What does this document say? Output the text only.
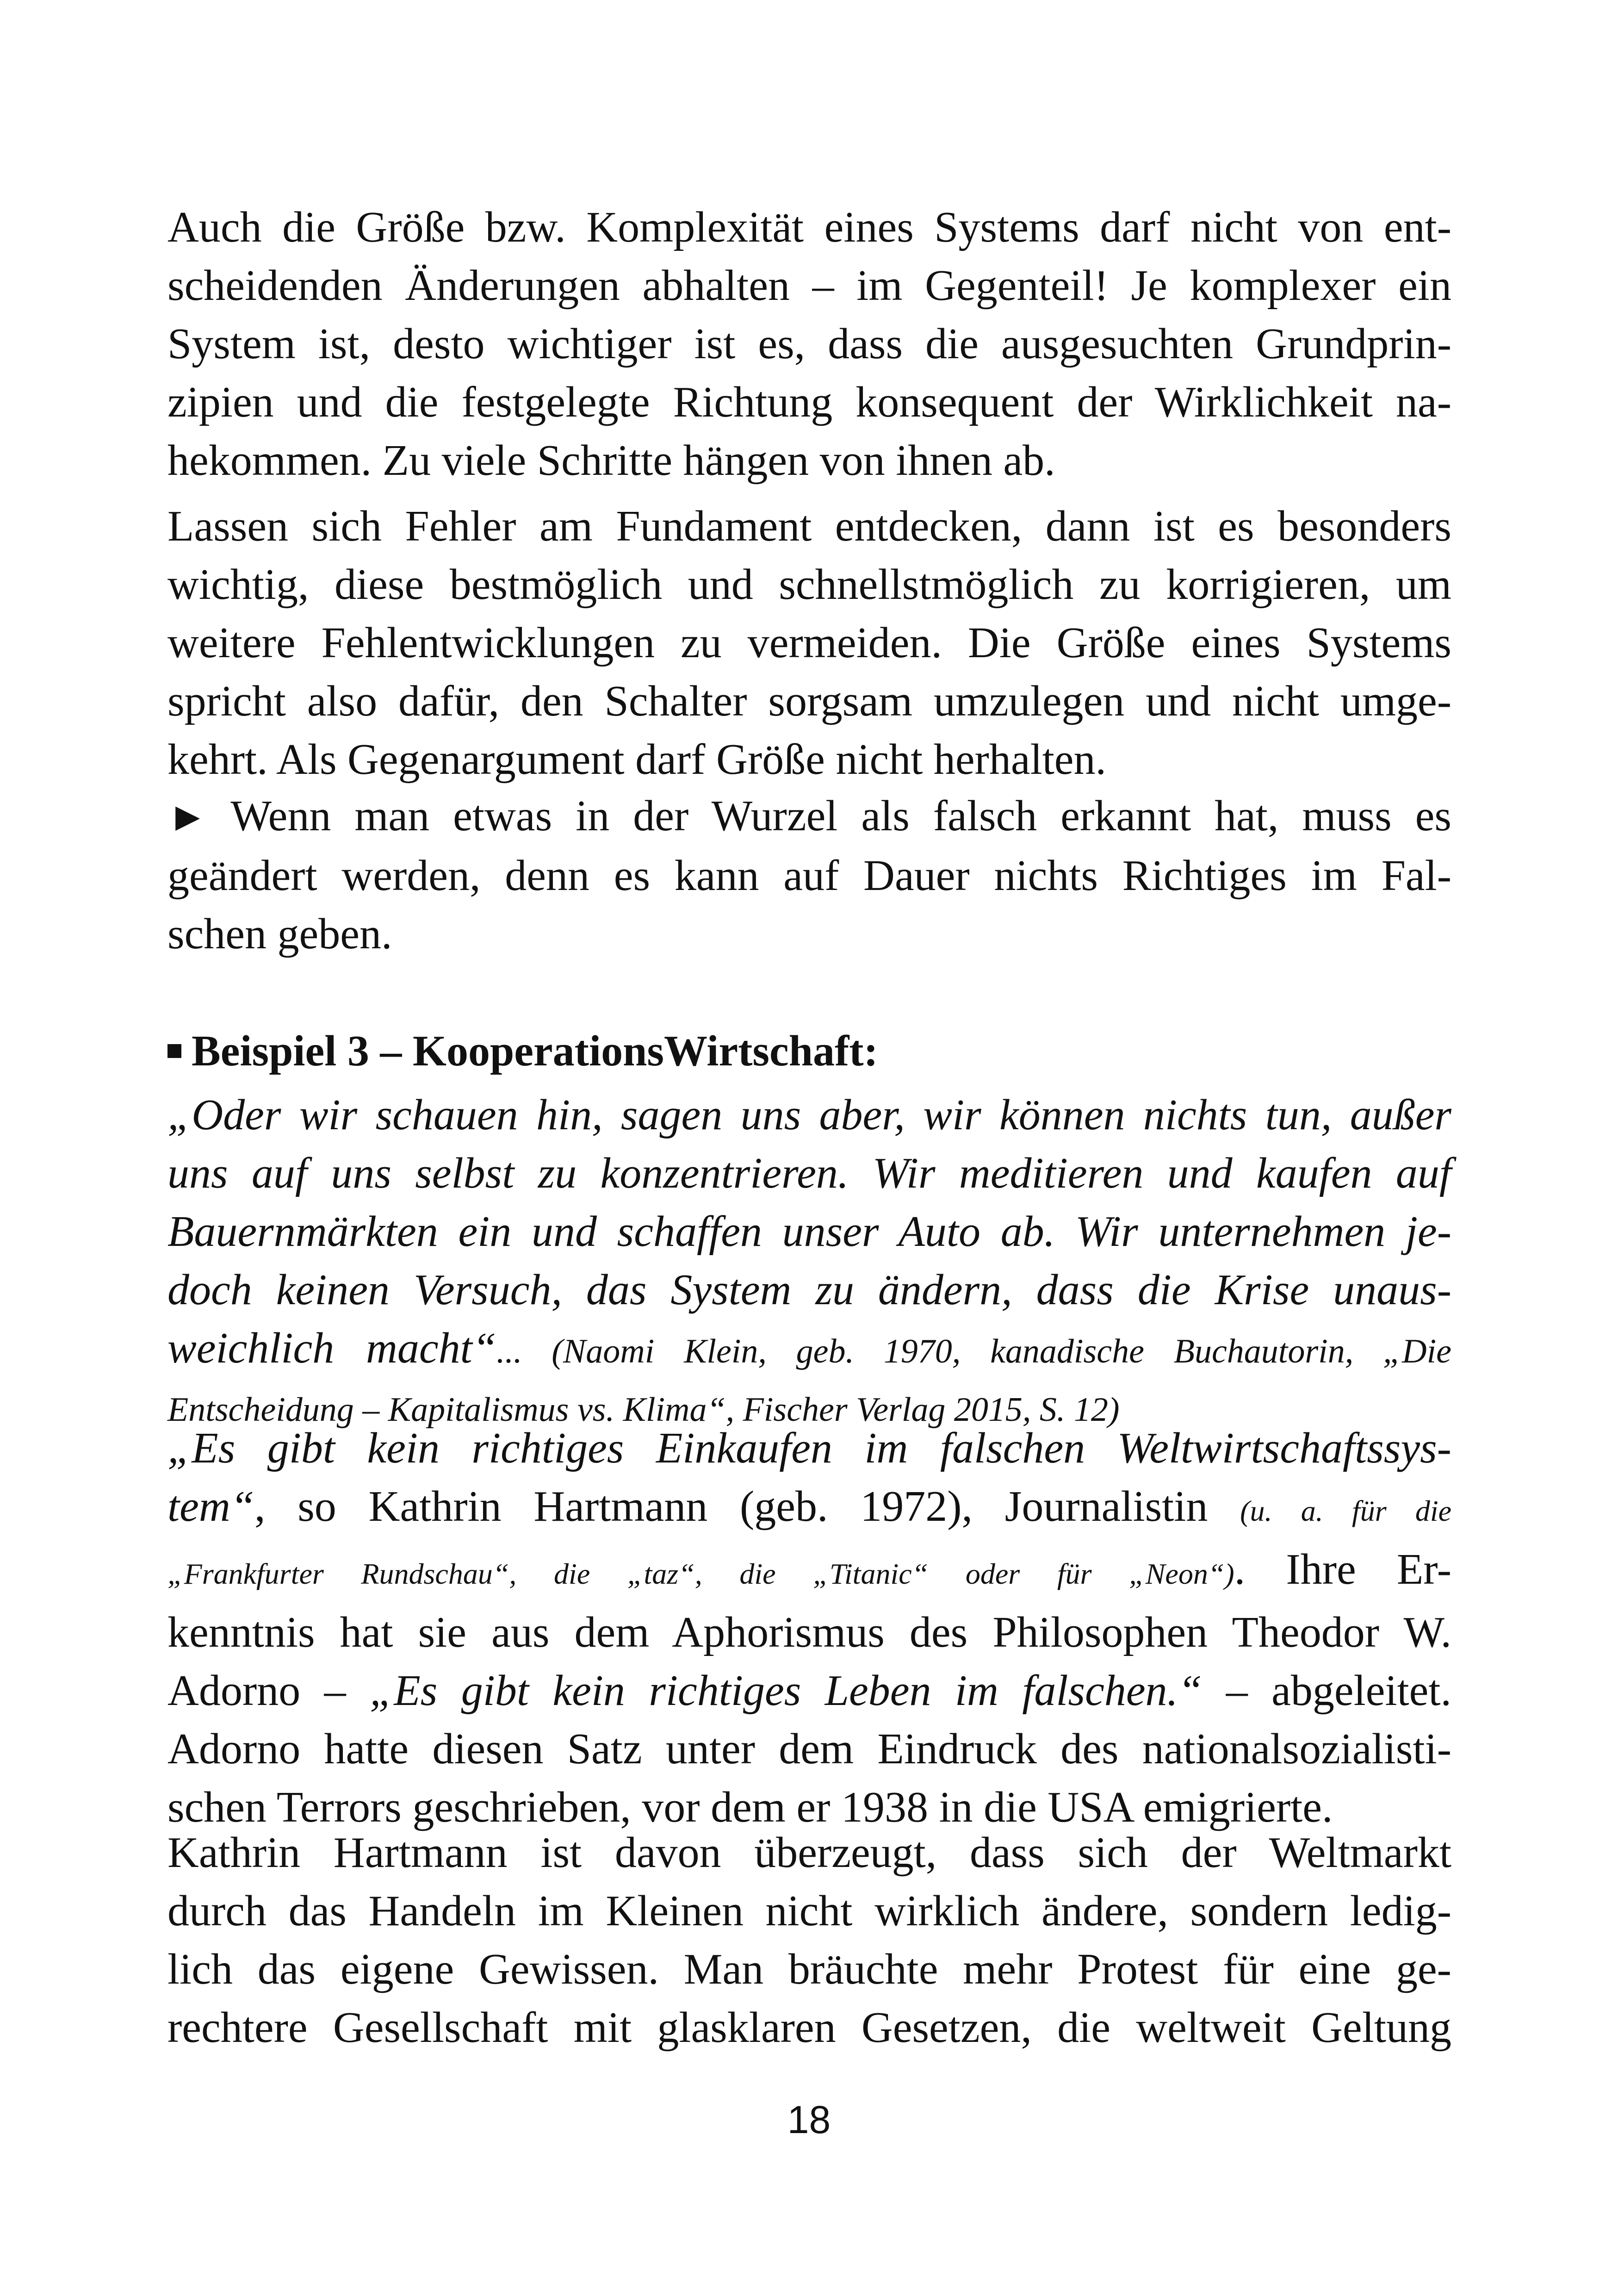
Auch die Größe bzw. Komplexität eines Systems darf nicht von ent-
scheidenden Änderungen abhalten – im Gegenteil! Je komplexer ein
System ist, desto wichtiger ist es, dass die ausgesuchten Grundprin-
zipien und die festgelegte Richtung konsequent der Wirklichkeit na-
hekommen. Zu viele Schritte hängen von ihnen ab.
Lassen sich Fehler am Fundament entdecken, dann ist es besonders
wichtig, diese bestmöglich und schnellstmöglich zu korrigieren, um
weitere Fehlentwicklungen zu vermeiden. Die Größe eines Systems
spricht also dafür, den Schalter sorgsam umzulegen und nicht umge-
kehrt. Als Gegenargument darf Größe nicht herhalten.
► Wenn man etwas in der Wurzel als falsch erkannt hat, muss es
geändert werden, denn es kann auf Dauer nichts Richtiges im Fal-
schen geben.
Beispiel 3 – KooperationsWirtschaft:
„Oder wir schauen hin, sagen uns aber, wir können nichts tun, außer
uns auf uns selbst zu konzentrieren. Wir meditieren und kaufen auf
Bauernmärkten ein und schaffen unser Auto ab. Wir unternehmen je-
doch keinen Versuch, das System zu ändern, dass die Krise unaus-
weichlich macht“... (Naomi Klein, geb. 1970, kanadische Buchautorin, „Die
Entscheidung – Kapitalismus vs. Klima“, Fischer Verlag 2015, S. 12)
„Es gibt kein richtiges Einkaufen im falschen Weltwirtschaftssys-
tem“, so Kathrin Hartmann (geb. 1972), Journalistin (u. a. für die
„Frankfurter Rundschau“, die „taz“, die „Titanic“ oder für „Neon“). Ihre Er-
kenntnis hat sie aus dem Aphorismus des Philosophen Theodor W.
Adorno – „Es gibt kein richtiges Leben im falschen.“ – abgeleitet.
Adorno hatte diesen Satz unter dem Eindruck des nationalsozialisti-
schen Terrors geschrieben, vor dem er 1938 in die USA emigrierte.
Kathrin Hartmann ist davon überzeugt, dass sich der Weltmarkt
durch das Handeln im Kleinen nicht wirklich ändere, sondern ledig-
lich das eigene Gewissen. Man bräuchte mehr Protest für eine ge-
rechtere Gesellschaft mit glasklaren Gesetzen, die weltweit Geltung
18
